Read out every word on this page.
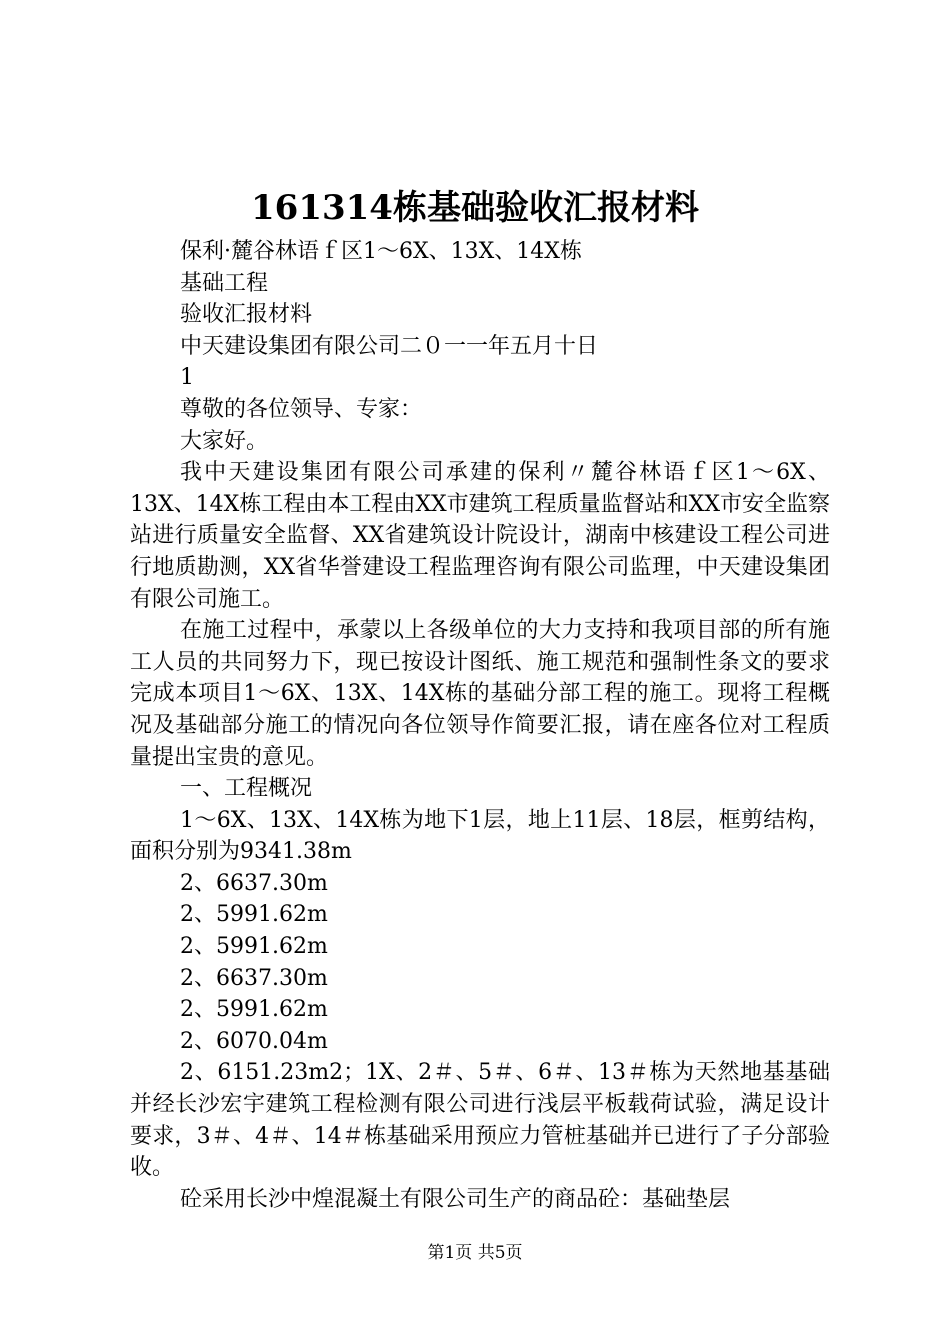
161314栋基础验收汇报材料

保利·麓谷林语ｆ区1～6X、13X、14X栋

基础工程

验收汇报材料

中天建设集团有限公司二０一一年五月十日

1

尊敬的各位领导、专家：

大家好。

我中天建设集团有限公司承建的保利〃麓谷林语ｆ区1～6X、13X、14X栋工程由本工程由XX市建筑工程质量监督站和XX市安全监察站进行质量安全监督、XX省建筑设计院设计，湖南中核建设工程公司进行地质勘测，XX省华誉建设工程监理咨询有限公司监理，中天建设集团有限公司施工。

在施工过程中，承蒙以上各级单位的大力支持和我项目部的所有施工人员的共同努力下，现已按设计图纸、施工规范和强制性条文的要求完成本项目1～6X、13X、14X栋的基础分部工程的施工。现将工程概况及基础部分施工的情况向各位领导作简要汇报，请在座各位对工程质量提出宝贵的意见。

一、工程概况

1～6X、13X、14X栋为地下1层，地上11层、18层，框剪结构，面积分别为9341.38m

2、6637.30m

2、5991.62m

2、5991.62m

2、6637.30m

2、5991.62m

2、6070.04m

2、6151.23m2；1X、2＃、5＃、6＃、13＃栋为天然地基基础并经长沙宏宇建筑工程检测有限公司进行浅层平板载荷试验，满足设计要求，3＃、4＃、14＃栋基础采用预应力管桩基础并已进行了子分部验收。

砼采用长沙中煌混凝土有限公司生产的商品砼：基础垫层

第1页 共5页
